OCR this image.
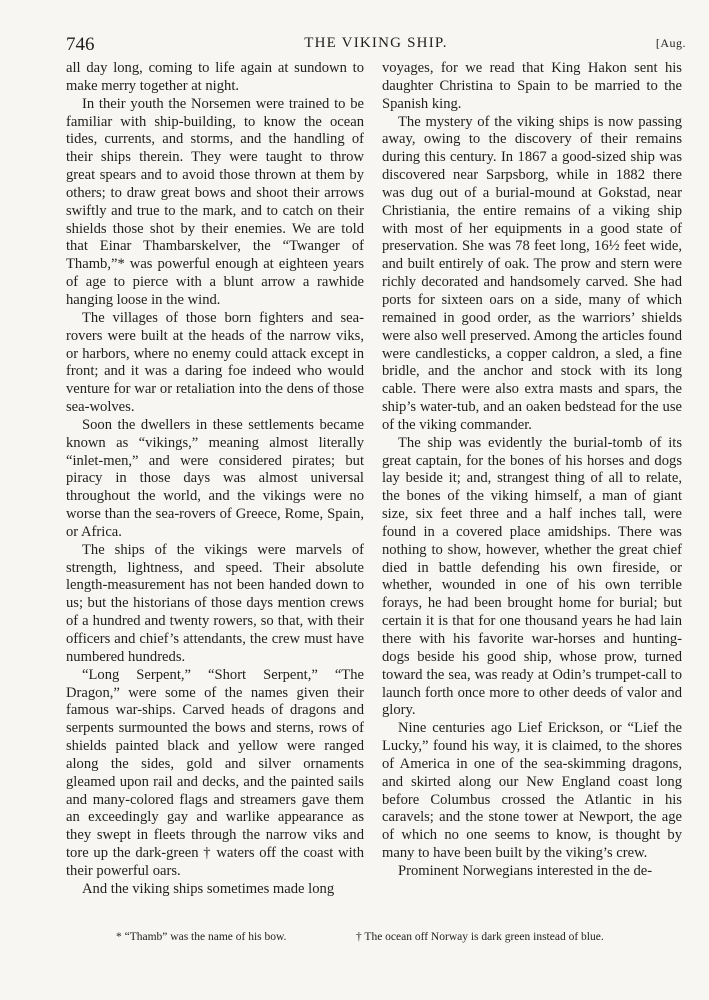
746	THE VIKING SHIP.	[Aug.

all day long, coming to life again at sundown to make merry together at night.

In their youth the Norsemen were trained to be familiar with ship-building, to know the ocean tides, currents, and storms, and the handling of their ships therein. They were taught to throw great spears and to avoid those thrown at them by others; to draw great bows and shoot their arrows swiftly and true to the mark, and to catch on their shields those shot by their enemies. We are told that Einar Thambarskelver, the “Twanger of Thamb,”* was powerful enough at eighteen years of age to pierce with a blunt arrow a rawhide hanging loose in the wind.

The villages of those born fighters and sea-rovers were built at the heads of the narrow viks, or harbors, where no enemy could attack except in front; and it was a daring foe indeed who would venture for war or retaliation into the dens of those sea-wolves.

Soon the dwellers in these settlements became known as “vikings,” meaning almost literally “inlet-men,” and were considered pirates; but piracy in those days was almost universal throughout the world, and the vikings were no worse than the sea-rovers of Greece, Rome, Spain, or Africa.

The ships of the vikings were marvels of strength, lightness, and speed. Their absolute length-measurement has not been handed down to us; but the historians of those days mention crews of a hundred and twenty rowers, so that, with their officers and chief’s attendants, the crew must have numbered hundreds.

“Long Serpent,” “Short Serpent,” “The Dragon,” were some of the names given their famous war-ships. Carved heads of dragons and serpents surmounted the bows and sterns, rows of shields painted black and yellow were ranged along the sides, gold and silver ornaments gleamed upon rail and decks, and the painted sails and many-colored flags and streamers gave them an exceedingly gay and warlike appearance as they swept in fleets through the narrow viks and tore up the dark-green † waters off the coast with their powerful oars.

And the viking ships sometimes made long

voyages, for we read that King Hakon sent his daughter Christina to Spain to be married to the Spanish king.

The mystery of the viking ships is now passing away, owing to the discovery of their remains during this century. In 1867 a good-sized ship was discovered near Sarpsborg, while in 1882 there was dug out of a burial-mound at Gokstad, near Christiania, the entire remains of a viking ship with most of her equipments in a good state of preservation. She was 78 feet long, 16½ feet wide, and built entirely of oak. The prow and stern were richly decorated and handsomely carved. She had ports for sixteen oars on a side, many of which remained in good order, as the warriors’ shields were also well preserved. Among the articles found were candlesticks, a copper caldron, a sled, a fine bridle, and the anchor and stock with its long cable. There were also extra masts and spars, the ship’s water-tub, and an oaken bedstead for the use of the viking commander.

The ship was evidently the burial-tomb of its great captain, for the bones of his horses and dogs lay beside it; and, strangest thing of all to relate, the bones of the viking himself, a man of giant size, six feet three and a half inches tall, were found in a covered place amidships. There was nothing to show, however, whether the great chief died in battle defending his own fireside, or whether, wounded in one of his own terrible forays, he had been brought home for burial; but certain it is that for one thousand years he had lain there with his favorite war-horses and hunting-dogs beside his good ship, whose prow, turned toward the sea, was ready at Odin’s trumpet-call to launch forth once more to other deeds of valor and glory.

Nine centuries ago Lief Erickson, or “Lief the Lucky,” found his way, it is claimed, to the shores of America in one of the sea-skimming dragons, and skirted along our New England coast long before Columbus crossed the Atlantic in his caravels; and the stone tower at Newport, the age of which no one seems to know, is thought by many to have been built by the viking’s crew.

Prominent Norwegians interested in the de-

* “Thamb” was the name of his bow.	† The ocean off Norway is dark green instead of blue.
